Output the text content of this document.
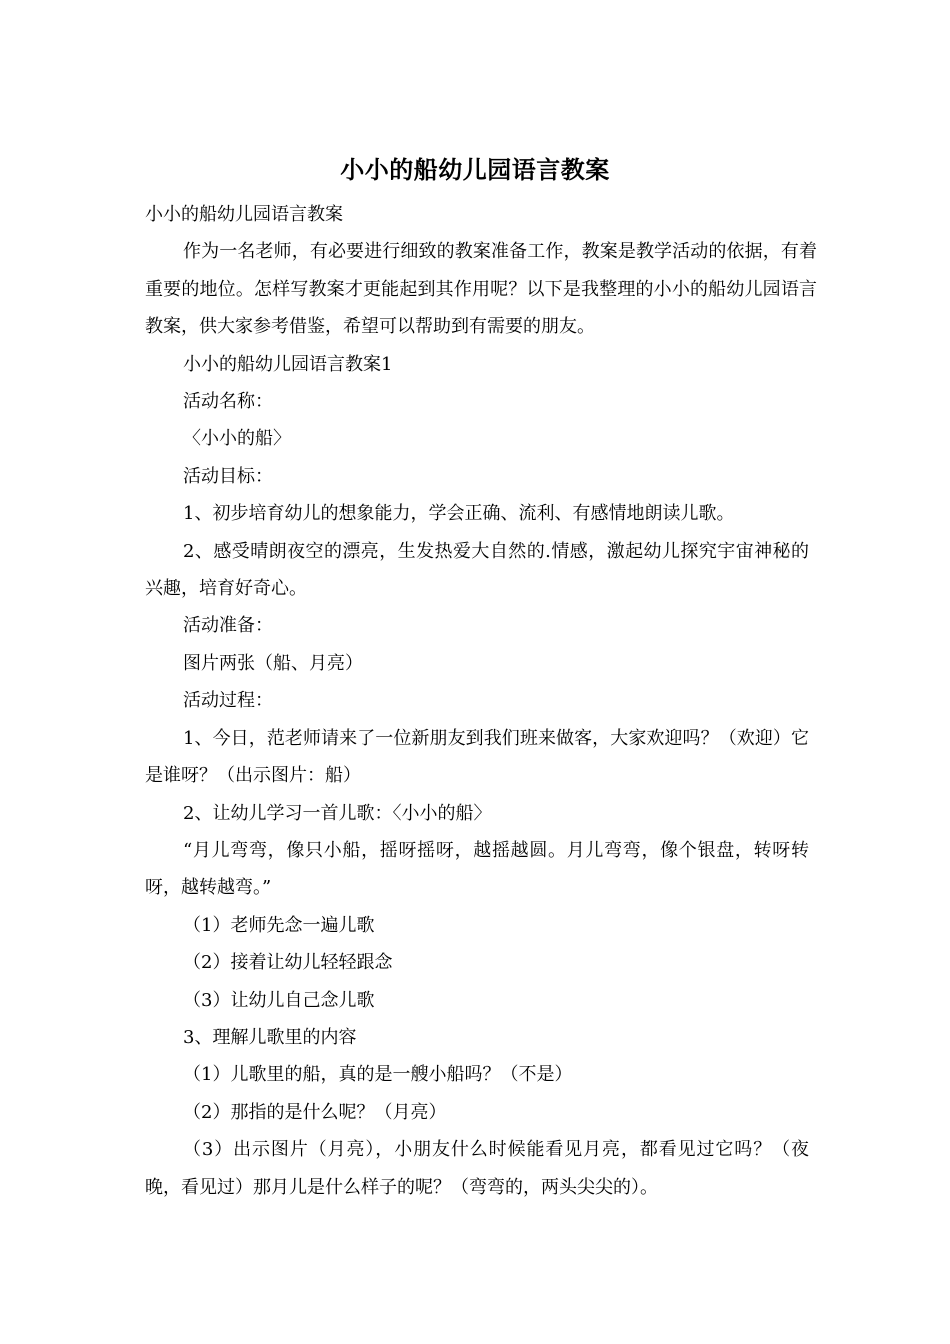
小小的船幼儿园语言教案

小小的船幼儿园语言教案

作为一名老师，有必要进行细致的教案准备工作，教案是教学活动的依据，有着重要的地位。怎样写教案才更能起到其作用呢？以下是我整理的小小的船幼儿园语言教案，供大家参考借鉴，希望可以帮助到有需要的朋友。

小小的船幼儿园语言教案1

活动名称：

〈小小的船〉

活动目标：

1、初步培育幼儿的想象能力，学会正确、流利、有感情地朗读儿歌。

2、感受晴朗夜空的漂亮，生发热爱大自然的.情感，激起幼儿探究宇宙神秘的兴趣，培育好奇心。

活动准备：

图片两张（船、月亮）

活动过程：

1、今日，范老师请来了一位新朋友到我们班来做客，大家欢迎吗？（欢迎）它是谁呀？（出示图片：船）

2、让幼儿学习一首儿歌：〈小小的船〉

“月儿弯弯，像只小船，摇呀摇呀，越摇越圆。月儿弯弯，像个银盘，转呀转呀，越转越弯。”

（1）老师先念一遍儿歌

（2）接着让幼儿轻轻跟念

（3）让幼儿自己念儿歌

3、理解儿歌里的内容

（1）儿歌里的船，真的是一艘小船吗？（不是）

（2）那指的是什么呢？（月亮）

（3）出示图片（月亮），小朋友什么时候能看见月亮，都看见过它吗？（夜晚，看见过）那月儿是什么样子的呢？（弯弯的，两头尖尖的）。
